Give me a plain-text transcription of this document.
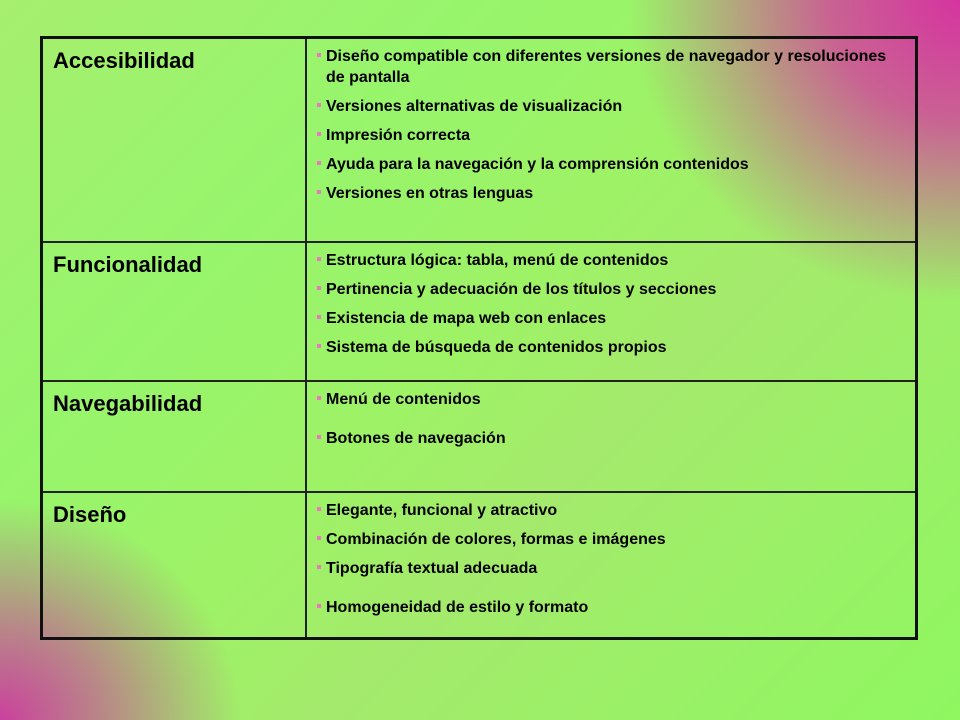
Accesibilidad	Diseño compatible con diferentes versiones de navegador y resoluciones de pantalla
Versiones alternativas de visualización
Impresión correcta
Ayuda para la navegación y la comprensión contenidos
Versiones en otras lenguas
Funcionalidad	Estructura lógica: tabla, menú de contenidos
Pertinencia y adecuación de los títulos y secciones
Existencia de mapa web con enlaces
Sistema de búsqueda de contenidos propios
Navegabilidad	Menú de contenidos
Botones de navegación
Diseño	Elegante, funcional y atractivo
Combinación de colores, formas e imágenes
Tipografía textual adecuada
Homogeneidad de estilo y formato
